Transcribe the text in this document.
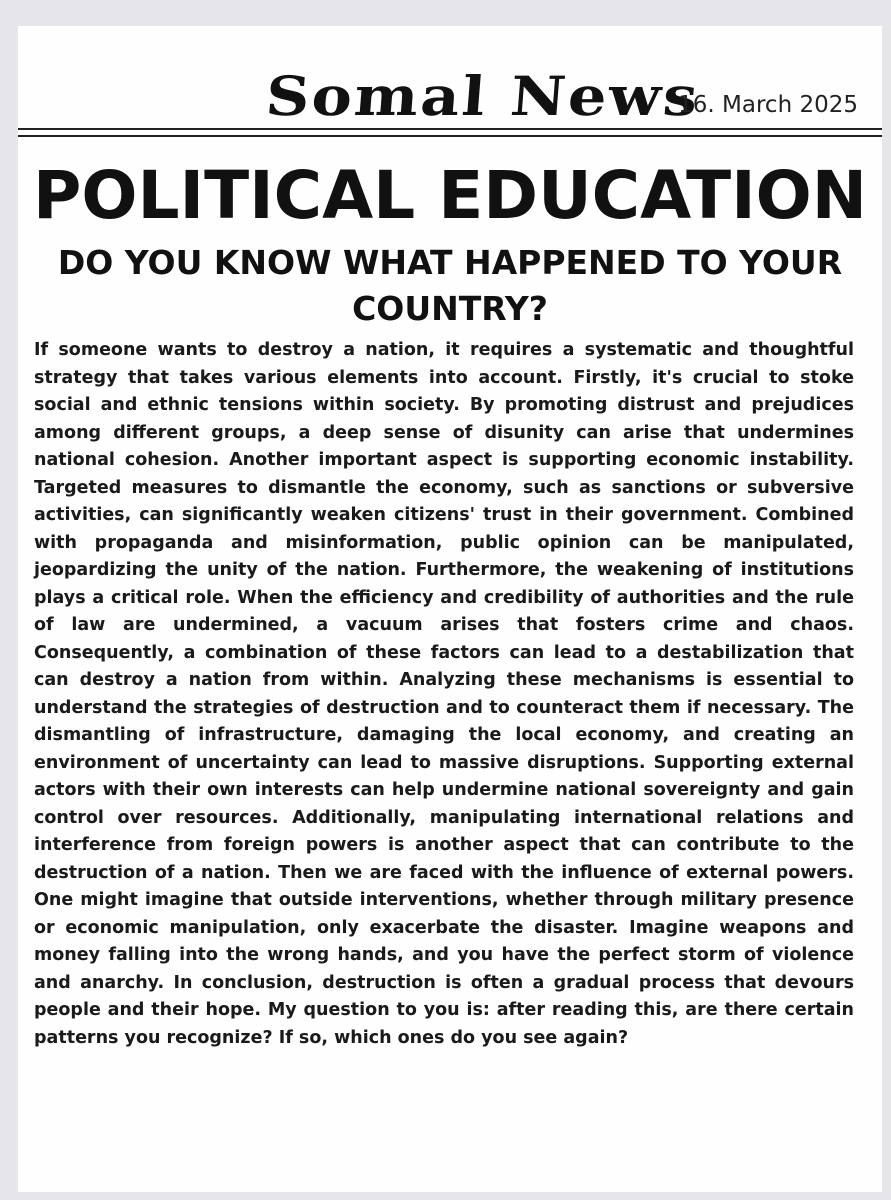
Somal News
16. March 2025
POLITICAL EDUCATION
DO YOU KNOW WHAT HAPPENED TO YOUR COUNTRY?

If someone wants to destroy a nation, it requires a systematic and thoughtful strategy that takes various elements into account. Firstly, it's crucial to stoke social and ethnic tensions within society. By promoting distrust and prejudices among different groups, a deep sense of disunity can arise that undermines national cohesion. Another important aspect is supporting economic instability. Targeted measures to dismantle the economy, such as sanctions or subversive activities, can significantly weaken citizens' trust in their government. Combined with propaganda and misinformation, public opinion can be manipulated, jeopardizing the unity of the nation. Furthermore, the weakening of institutions plays a critical role. When the efficiency and credibility of authorities and the rule of law are undermined, a vacuum arises that fosters crime and chaos. Consequently, a combination of these factors can lead to a destabilization that can destroy a nation from within. Analyzing these mechanisms is essential to understand the strategies of destruction and to counteract them if necessary. The dismantling of infrastructure, damaging the local economy, and creating an environment of uncertainty can lead to massive disruptions. Supporting external actors with their own interests can help undermine national sovereignty and gain control over resources. Additionally, manipulating international relations and interference from foreign powers is another aspect that can contribute to the destruction of a nation. Then we are faced with the influence of external powers. One might imagine that outside interventions, whether through military presence or economic manipulation, only exacerbate the disaster. Imagine weapons and money falling into the wrong hands, and you have the perfect storm of violence and anarchy. In conclusion, destruction is often a gradual process that devours people and their hope. My question to you is: after reading this, are there certain patterns you recognize? If so, which ones do you see again?
